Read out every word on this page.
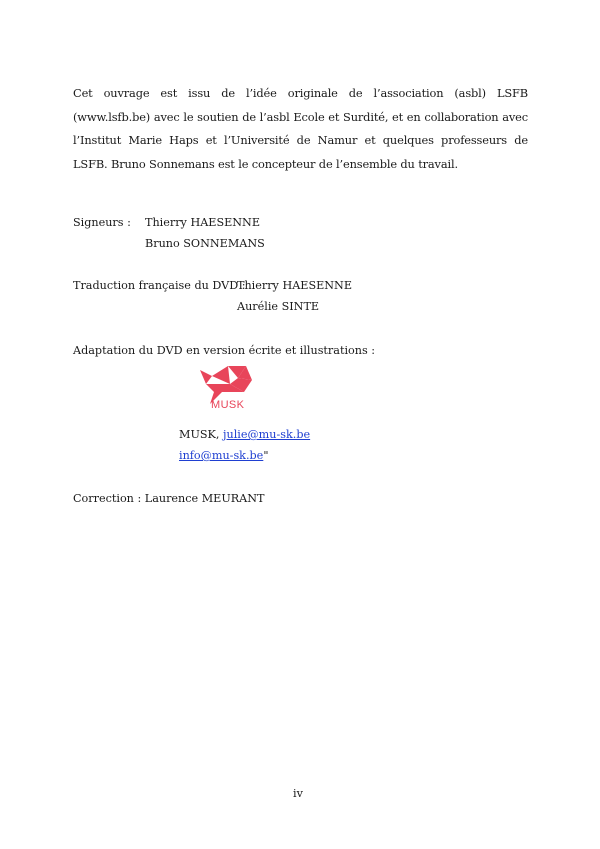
Cet ouvrage est issu de l’idée originale de l’association (asbl) LSFB (www.lsfb.be) avec le soutien de l’asbl Ecole et Surdité, et en collaboration avec l’Institut Marie Haps et l’Université de Namur et quelques professeurs de LSFB. Bruno Sonnemans est le concepteur de l’ensemble du travail.

Signeurs : Thierry HAESENNE
Bruno SONNEMANS
Traduction française du DVD :
Thierry HAESENNE
Aurélie SINTE
Adaptation du DVD en version écrite et illustrations :
MUSK
MUSK, julie@mu-sk.be
info@mu-sk.be"
Correction : Laurence MEURANT
iv
